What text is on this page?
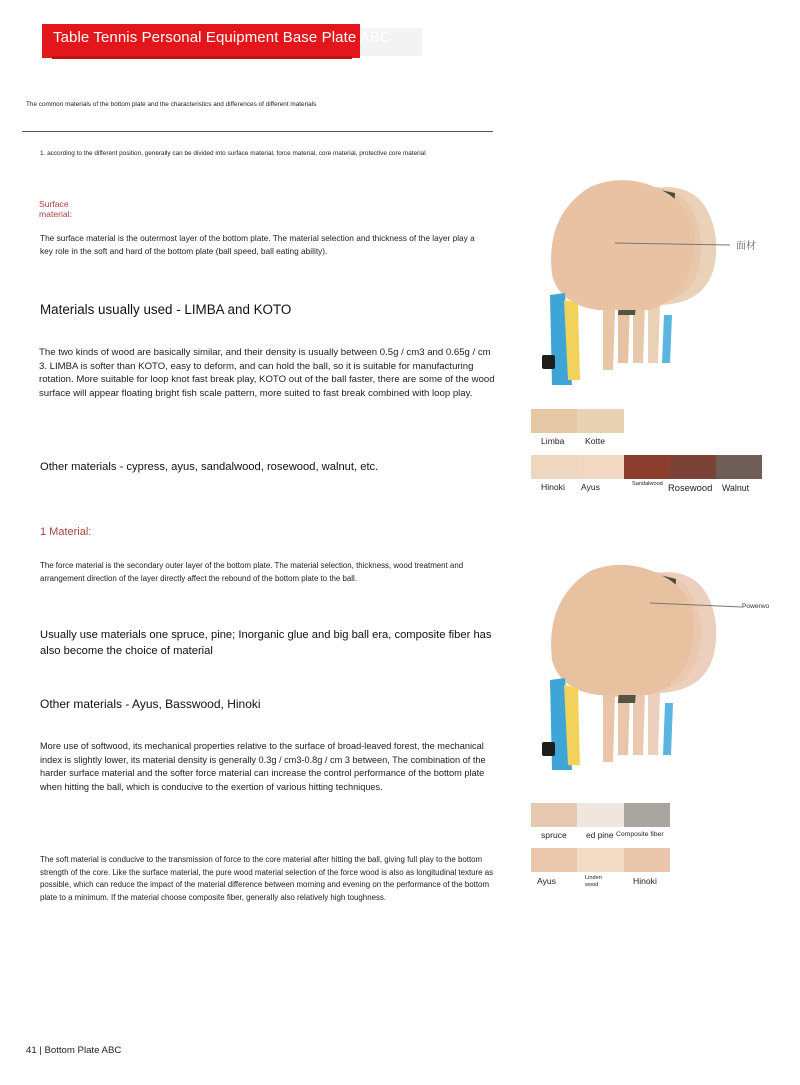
Table Tennis Personal Equipment Base Plate ABC
The common materials of the bottom plate and the characteristics and differences of different materials
1. according to the different position, generally can be divided into surface material, force material, core material, protective core material
Surface material:
The surface material is the outermost layer of the bottom plate. The material selection and thickness of the layer play a key role in the soft and hard of the bottom plate (ball speed, ball eating ability).
Materials usually used - LIMBA and KOTO
The two kinds of wood are basically similar, and their density is usually between 0.5g / cm3 and 0.65g / cm 3. LIMBA is softer than KOTO, easy to deform, and can hold the ball, so it is suitable for manufacturing rotation. More suitable for loop knot fast break play, KOTO out of the ball faster, there are some of the wood surface will appear floating bright fish scale pattern, more suited to fast break combined with loop play.
Other materials - cypress, ayus, sandalwood, rosewood, walnut, etc.
1 Material:
The force material is the secondary outer layer of the bottom plate. The material selection, thickness, wood treatment and arrangement direction of the layer directly affect the rebound of the bottom plate to the ball.
Usually use materials one spruce, pine; Inorganic glue and big ball era, composite fiber has also become the choice of material
Other materials - Ayus, Basswood, Hinoki
More use of softwood, its mechanical properties relative to the surface of broad-leaved forest, the mechanical index is slightly lower, its material density is generally 0.3g / cm3-0.8g / cm 3 between, The combination of the harder surface material and the softer force material can increase the control performance of the bottom plate when hitting the ball, which is conducive to the exertion of various hitting techniques.
The soft material is conducive to the transmission of force to the core material after hitting the ball, giving full play to the bottom strength of the core. Like the surface material, the pure wood material selection of the force wood is also as longitudinal texture as possible, which can reduce the impact of the material difference between morning and evening on the performance of the bottom plate to a minimum. If the material choose composite fiber, generally also relatively high toughness.
面材
Limba Kotte
Hinoki Ayus	Sandalwood Rosewood Walnut
Powerwo
spruce ed pine Composite fiber
Ayus	Linden wood	Hinoki
41 | Bottom Plate ABC
